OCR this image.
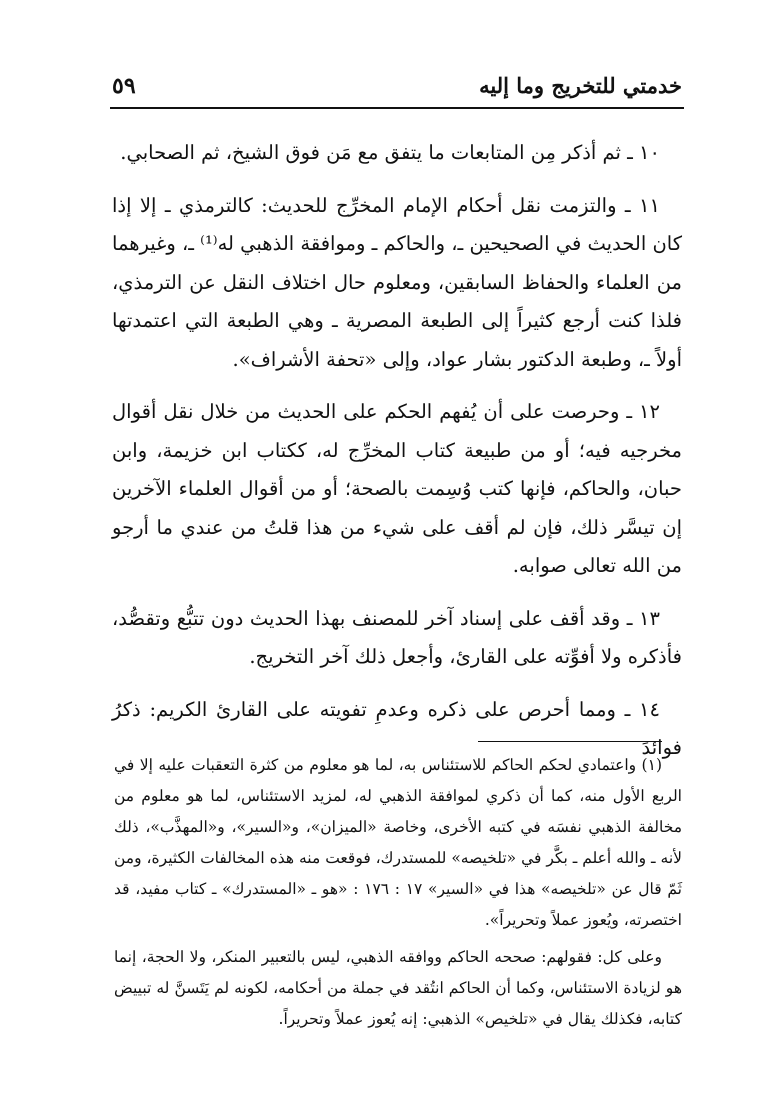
خدمتي للتخريج وما إليه
٥٩

١٠ ـ ثم أذكر مِن المتابعات ما يتفق مع مَن فوق الشيخ، ثم الصحابي.

١١ ـ والتزمت نقل أحكام الإمام المخرِّج للحديث: كالترمذي ـ إلا إذا كان الحديث في الصحيحين ـ، والحاكم ـ وموافقة الذهبي له⁽¹⁾ ـ، وغيرهما من العلماء والحفاظ السابقين، ومعلوم حال اختلاف النقل عن الترمذي، فلذا كنت أرجع كثيراً إلى الطبعة المصرية ـ وهي الطبعة التي اعتمدتها أولاً ـ، وطبعة الدكتور بشار عواد، وإلى «تحفة الأشراف».

١٢ ـ وحرصت على أن يُفهم الحكم على الحديث من خلال نقل أقوال مخرجيه فيه؛ أو من طبيعة كتاب المخرِّج له، ككتاب ابن خزيمة، وابن حبان، والحاكم، فإنها كتب وُسِمت بالصحة؛ أو من أقوال العلماء الآخرين إن تيسَّر ذلك، فإن لم أقف على شيء من هذا قلتُ من عندي ما أرجو من الله تعالى صوابه.

١٣ ـ وقد أقف على إسناد آخر للمصنف بهذا الحديث دون تتبُّع وتقصُّد، فأذكره ولا أفوِّته على القارئ، وأجعل ذلك آخر التخريج.

١٤ ـ ومما أحرص على ذكره وعدمِ تفويته على القارئ الكريم: ذكرُ فوائدَ

(١) واعتمادي لحكم الحاكم للاستئناس به، لما هو معلوم من كثرة التعقبات عليه إلا في الربع الأول منه، كما أن ذكري لموافقة الذهبي له، لمزيد الاستئناس، لما هو معلوم من مخالفة الذهبي نفسَه في كتبه الأخرى، وخاصة «الميزان»، و«السير»، و«المهذَّب»، ذلك لأنه ـ والله أعلم ـ بكَّر في «تلخيصه» للمستدرك، فوقعت منه هذه المخالفات الكثيرة، ومن ثَمّ قال عن «تلخيصه» هذا في «السير» ١٧ : ١٧٦ : «هو ـ «المستدرك» ـ كتاب مفيد، قد اختصرته، ويُعوز عملاً وتحريراً».

وعلى كل: فقولهم: صححه الحاكم ووافقه الذهبي، ليس بالتعبير المنكر، ولا الحجة، إنما هو لزيادة الاستئناس، وكما أن الحاكم انتُقد في جملة من أحكامه، لكونه لم يَتَسنَّ له تبييض كتابه، فكذلك يقال في «تلخيص» الذهبي: إنه يُعوز عملاً وتحريراً.
